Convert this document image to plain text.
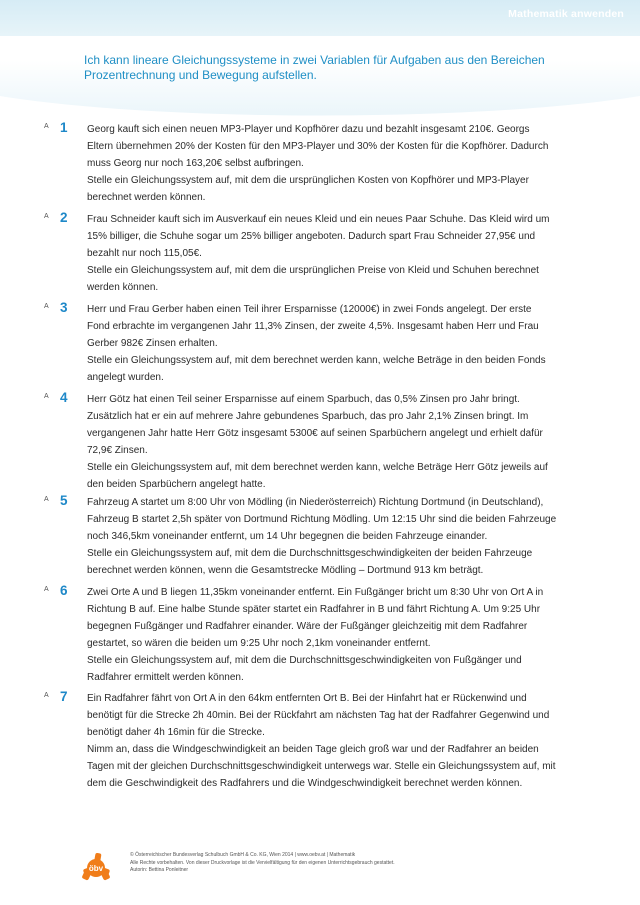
Mathematik anwenden
Ich kann lineare Gleichungssysteme in zwei Variablen für Aufgaben aus den Bereichen Prozentrechnung und Bewegung aufstellen.
A 1 Georg kauft sich einen neuen MP3-Player und Kopfhörer dazu und bezahlt insgesamt 210€. Georgs Eltern übernehmen 20% der Kosten für den MP3-Player und 30% der Kosten für die Kopfhörer. Dadurch muss Georg nur noch 163,20€ selbst aufbringen.

Stelle ein Gleichungssystem auf, mit dem die ursprünglichen Kosten von Kopfhörer und MP3-Player berechnet werden können.

A 2 Frau Schneider kauft sich im Ausverkauf ein neues Kleid und ein neues Paar Schuhe. Das Kleid wird um 15% billiger, die Schuhe sogar um 25% billiger angeboten. Dadurch spart Frau Schneider 27,95€ und bezahlt nur noch 115,05€.

Stelle ein Gleichungssystem auf, mit dem die ursprünglichen Preise von Kleid und Schuhen berechnet werden können.

A 3 Herr und Frau Gerber haben einen Teil ihrer Ersparnisse (12000€) in zwei Fonds angelegt. Der erste Fond erbrachte im vergangenen Jahr 11,3% Zinsen, der zweite 4,5%. Insgesamt haben Herr und Frau Gerber 982€ Zinsen erhalten.

Stelle ein Gleichungssystem auf, mit dem berechnet werden kann, welche Beträge in den beiden Fonds angelegt wurden.

A 4 Herr Götz hat einen Teil seiner Ersparnisse auf einem Sparbuch, das 0,5% Zinsen pro Jahr bringt. Zusätzlich hat er ein auf mehrere Jahre gebundenes Sparbuch, das pro Jahr 2,1% Zinsen bringt. Im vergangenen Jahr hatte Herr Götz insgesamt 5300€ auf seinen Sparbüchern angelegt und erhielt dafür 72,9€ Zinsen.

Stelle ein Gleichungssystem auf, mit dem berechnet werden kann, welche Beträge Herr Götz jeweils auf den beiden Sparbüchern angelegt hatte.

A 5 Fahrzeug A startet um 8:00 Uhr von Mödling (in Niederösterreich) Richtung Dortmund (in Deutschland), Fahrzeug B startet 2,5h später von Dortmund Richtung Mödling. Um 12:15 Uhr sind die beiden Fahrzeuge noch 346,5km voneinander entfernt, um 14 Uhr begegnen die beiden Fahrzeuge einander.

Stelle ein Gleichungssystem auf, mit dem die Durchschnittsgeschwindigkeiten der beiden Fahrzeuge berechnet werden können, wenn die Gesamtstrecke Mödling – Dortmund 913 km beträgt.

A 6 Zwei Orte A und B liegen 11,35km voneinander entfernt. Ein Fußgänger bricht um 8:30 Uhr von Ort A in Richtung B auf. Eine halbe Stunde später startet ein Radfahrer in B und fährt Richtung A. Um 9:25 Uhr begegnen Fußgänger und Radfahrer einander. Wäre der Fußgänger gleichzeitig mit dem Radfahrer gestartet, so wären die beiden um 9:25 Uhr noch 2,1km voneinander entfernt.

Stelle ein Gleichungssystem auf, mit dem die Durchschnittsgeschwindigkeiten von Fußgänger und Radfahrer ermittelt werden können.

A 7 Ein Radfahrer fährt von Ort A in den 64km entfernten Ort B. Bei der Hinfahrt hat er Rückenwind und benötigt für die Strecke 2h 40min. Bei der Rückfahrt am nächsten Tag hat der Radfahrer Gegenwind und benötigt daher 4h 16min für die Strecke.

Nimm an, dass die Windgeschwindigkeit an beiden Tage gleich groß war und der Radfahrer an beiden Tagen mit der gleichen Durchschnittsgeschwindigkeit unterwegs war. Stelle ein Gleichungssystem auf, mit dem die Geschwindigkeit des Radfahrers und die Windgeschwindigkeit berechnet werden können.

öbv
© Österreichischer Bundesverlag Schulbuch GmbH & Co. KG, Wien 2014 | www.oebv.at | Mathematik
Alle Rechte vorbehalten. Von dieser Druckvorlage ist die Vervielfältigung für den eigenen Unterrichtsgebrauch gestattet.
Autorin: Bettina Ponleitner
